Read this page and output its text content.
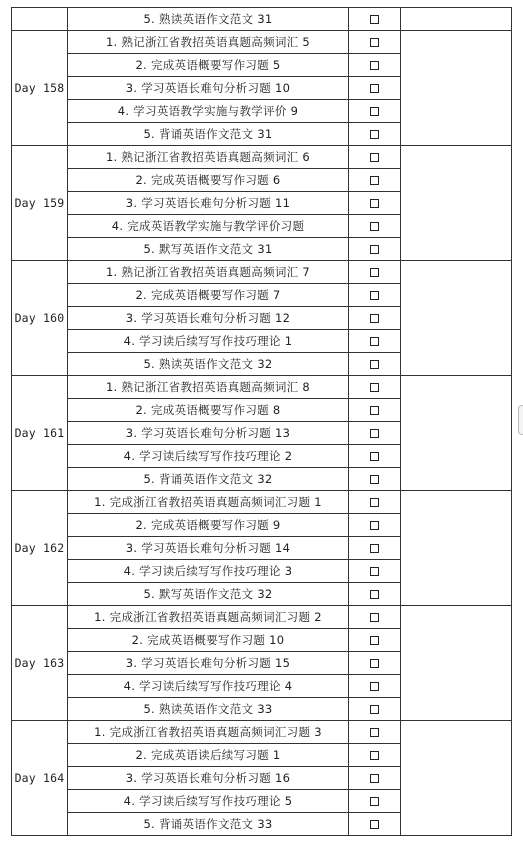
	5. 熟读英语作文范文 31		
Day 158	1. 熟记浙江省教招英语真题高频词汇 5		
	2. 完成英语概要写作习题 5		
	3. 学习英语长难句分析习题 10		
	4. 学习英语教学实施与教学评价 9		
	5. 背诵英语作文范文 31		
Day 159	1. 熟记浙江省教招英语真题高频词汇 6		
	2. 完成英语概要写作习题 6		
	3. 学习英语长难句分析习题 11		
	4. 完成英语教学实施与教学评价习题		
	5. 默写英语作文范文 31		
Day 160	1. 熟记浙江省教招英语真题高频词汇 7		
	2. 完成英语概要写作习题 7		
	3. 学习英语长难句分析习题 12		
	4. 学习读后续写写作技巧理论 1		
	5. 熟读英语作文范文 32		
Day 161	1. 熟记浙江省教招英语真题高频词汇 8		
	2. 完成英语概要写作习题 8		
	3. 学习英语长难句分析习题 13		
	4. 学习读后续写写作技巧理论 2		
	5. 背诵英语作文范文 32		
Day 162	1. 完成浙江省教招英语真题高频词汇习题 1		
	2. 完成英语概要写作习题 9		
	3. 学习英语长难句分析习题 14		
	4. 学习读后续写写作技巧理论 3		
	5. 默写英语作文范文 32		
Day 163	1. 完成浙江省教招英语真题高频词汇习题 2		
	2. 完成英语概要写作习题 10		
	3. 学习英语长难句分析习题 15		
	4. 学习读后续写写作技巧理论 4		
	5. 熟读英语作文范文 33		
Day 164	1. 完成浙江省教招英语真题高频词汇习题 3		
	2. 完成英语读后续写习题 1		
	3. 学习英语长难句分析习题 16		
	4. 学习读后续写写作技巧理论 5		
	5. 背诵英语作文范文 33		
